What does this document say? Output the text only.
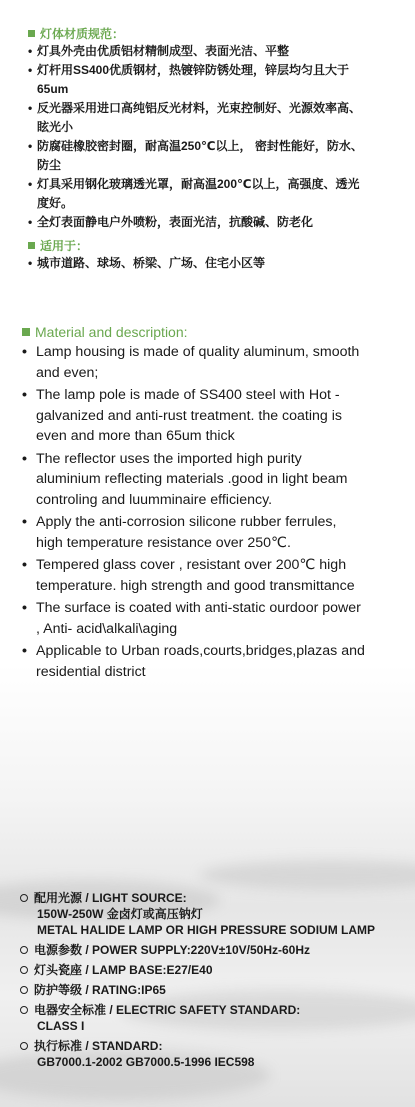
灯体材质规范：
• 灯具外壳由优质铝材精制成型、表面光洁、平整
• 灯杆用SS400优质钢材，热镀锌防锈处理，锌层均匀且大于65um
• 反光器采用进口高纯铝反光材料，光束控制好、光源效率高、眩光小
• 防腐硅橡胶密封圈，耐高温250℃以上， 密封性能好，防水、防尘
• 灯具采用钢化玻璃透光罩，耐高温200℃以上，高强度、透光度好。
• 全灯表面静电户外喷粉，表面光洁，抗酸碱、防老化
适用于：
• 城市道路、球场、桥梁、广场、住宅小区等
Material and description:
• Lamp housing is made of quality aluminum, smooth and even;
• The lamp pole is made of SS400 steel with Hot -galvanized and anti-rust treatment. the coating is even and more than 65um thick
• The reflector uses the imported high purity aluminium reflecting materials .good in light beam controling and luumminaire efficiency.
• Apply the anti-corrosion silicone rubber ferrules, high temperature resistance over 250℃.
• Tempered glass cover , resistant over 200℃ high temperature. high strength and good transmittance
• The surface is coated with anti-static ourdoor power , Anti- acid\alkali\aging
• Applicable to Urban roads,courts,bridges,plazas and residential district
配用光源 / LIGHT SOURCE:
150W-250W 金卤灯或高压钠灯
METAL HALIDE LAMP OR HIGH PRESSURE SODIUM LAMP
电源参数 / POWER SUPPLY:220V±10V/50Hz-60Hz
灯头瓷座 / LAMP BASE:E27/E40
防护等级 / RATING:IP65
电器安全标准 / ELECTRIC SAFETY STANDARD:
CLASS I
执行标准 / STANDARD:
GB7000.1-2002 GB7000.5-1996 IEC598
